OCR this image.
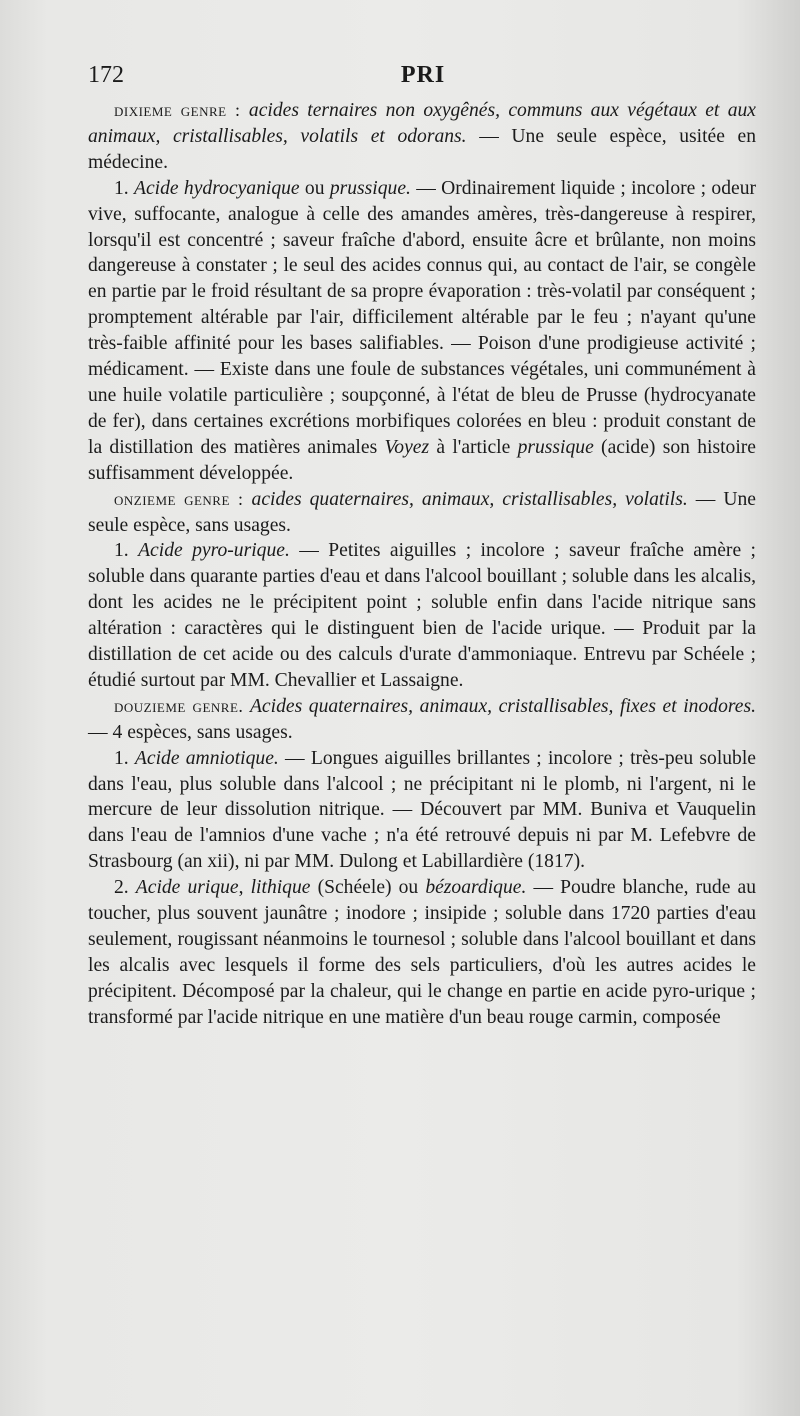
172	PRI

dixieme genre : acides ternaires non oxygênés, communs aux végétaux et aux animaux, cristallisables, volatils et odorans. — Une seule espèce, usitée en médecine.

1. Acide hydrocyanique ou prussique. — Ordinairement liquide ; incolore ; odeur vive, suffocante, analogue à celle des amandes amères, très-dangereuse à respirer, lorsqu'il est concentré ; saveur fraîche d'abord, ensuite âcre et brûlante, non moins dangereuse à constater ; le seul des acides connus qui, au contact de l'air, se congèle en partie par le froid résultant de sa propre évaporation : très-volatil par conséquent ; promptement altérable par l'air, difficilement altérable par le feu ; n'ayant qu'une très-faible affinité pour les bases salifiables. — Poison d'une prodigieuse activité ; médicament. — Existe dans une foule de substances végétales, uni communément à une huile volatile particulière ; soupçonné, à l'état de bleu de Prusse (hydrocyanate de fer), dans certaines excrétions morbifiques colorées en bleu : produit constant de la distillation des matières animales Voyez à l'article prussique (acide) son histoire suffisamment développée.

onzieme genre : acides quaternaires, animaux, cristallisables, volatils. — Une seule espèce, sans usages.

1. Acide pyro-urique. — Petites aiguilles ; incolore ; saveur fraîche amère ; soluble dans quarante parties d'eau et dans l'alcool bouillant ; soluble dans les alcalis, dont les acides ne le précipitent point ; soluble enfin dans l'acide nitrique sans altération : caractères qui le distinguent bien de l'acide urique. — Produit par la distillation de cet acide ou des calculs d'urate d'ammoniaque. Entrevu par Schéele ; étudié surtout par MM. Chevallier et Lassaigne.

douzieme genre. Acides quaternaires, animaux, cristallisables, fixes et inodores. — 4 espèces, sans usages.

1. Acide amniotique. — Longues aiguilles brillantes ; incolore ; très-peu soluble dans l'eau, plus soluble dans l'alcool ; ne précipitant ni le plomb, ni l'argent, ni le mercure de leur dissolution nitrique. — Découvert par MM. Buniva et Vauquelin dans l'eau de l'amnios d'une vache ; n'a été retrouvé depuis ni par M. Lefebvre de Strasbourg (an xii), ni par MM. Dulong et Labillardière (1817).

2. Acide urique, lithique (Schéele) ou bézoardique. — Poudre blanche, rude au toucher, plus souvent jaunâtre ; inodore ; insipide ; soluble dans 1720 parties d'eau seulement, rougissant néanmoins le tournesol ; soluble dans l'alcool bouillant et dans les alcalis avec lesquels il forme des sels particuliers, d'où les autres acides le précipitent. Décomposé par la chaleur, qui le change en partie en acide pyro-urique ; transformé par l'acide nitrique en une matière d'un beau rouge carmin, composée
